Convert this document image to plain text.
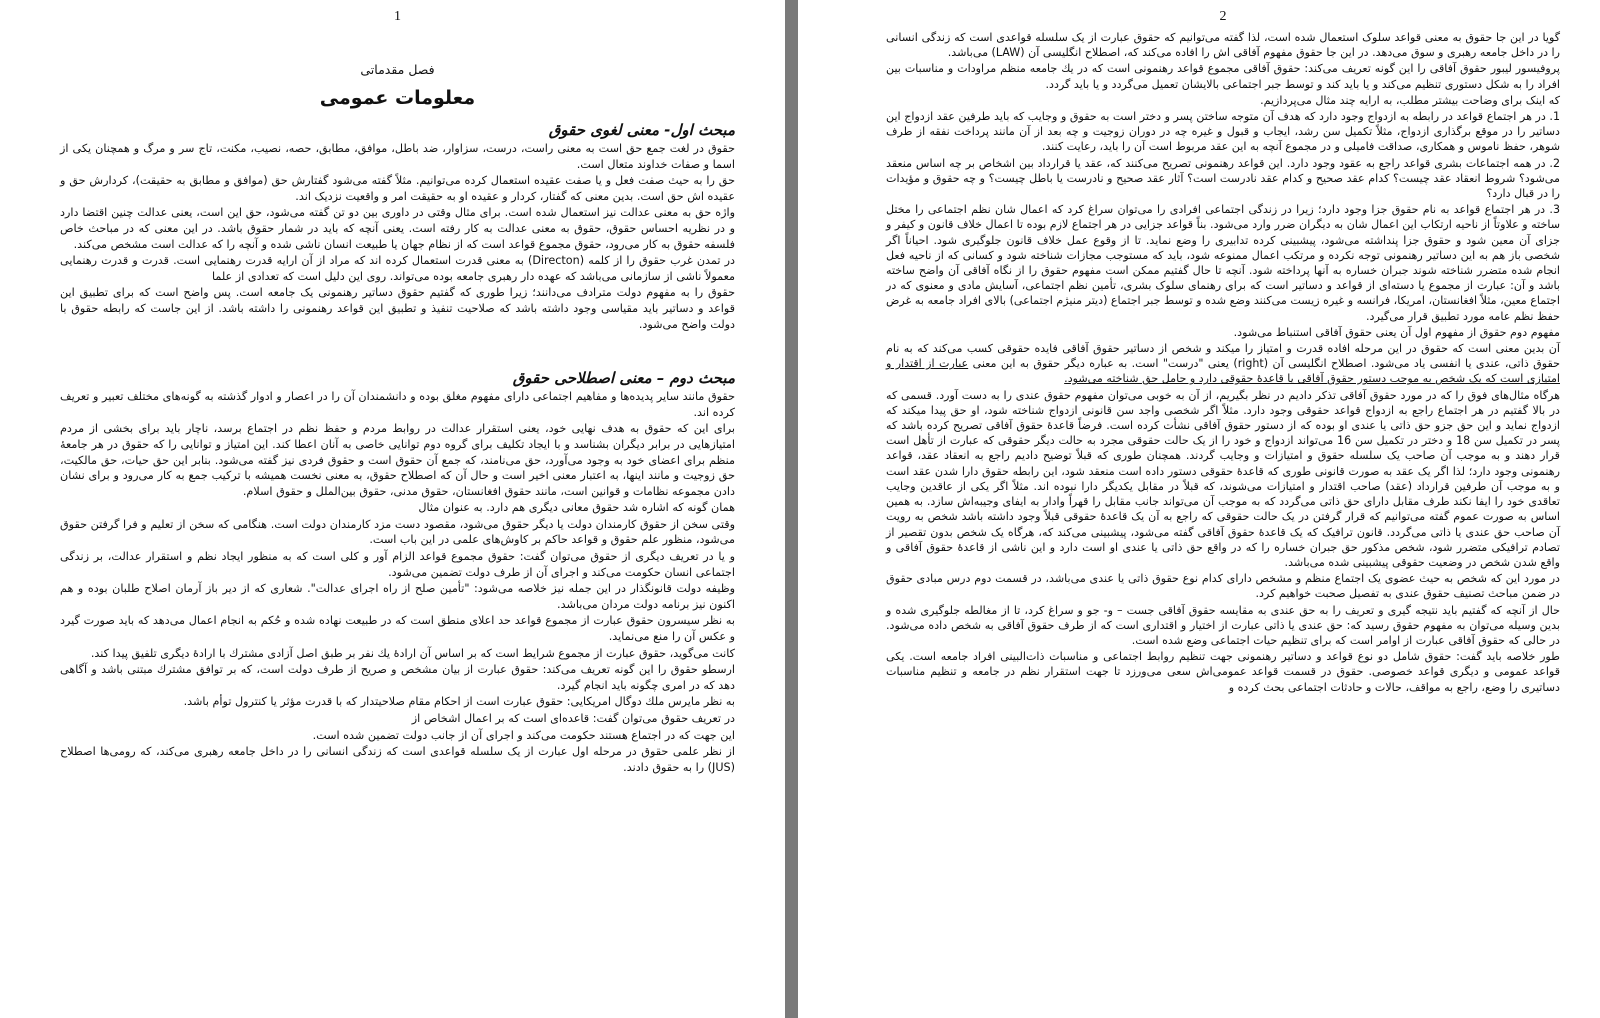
1
فصل مقدماتی
معلومات عمومی
مبحث اول- معنی لغوی حقوق

حقوق در لغت جمع حق است به معنی راست، درست، سزاوار، ضد باطل، موافق، مطابق، حصه، نصیب، مکنت، تاج سر و مرگ و همچنان یکی از اسما و صفات خداوند متعال است.

حق را به حیث صفت فعل و یا صفت عقیده استعمال کرده می‌توانیم. مثلاً گفته می‌شود گفتارش حق (موافق و مطابق به حقیقت)، کردارش حق و عقیده اش حق است. بدین معنی که گفتار، کردار و عقیده او به حقیقت امر و واقعیت نزدیک اند.

واژه حق به معنی عدالت نیز استعمال شده است. برای مثال وقتی در داوری بین دو تن گفته می‌شود، حق این است، یعنی عدالت چنین اقتضا دارد و در نظریه احساس حقوق، حقوق به معنی عدالت به کار رفته است. یعنی آنچه که باید در شمار حقوق باشد. در این معنی که در مباحث خاص فلسفه حقوق به کار می‌رود، حقوق مجموع قواعد است که از نظام جهان یا طبیعت انسان ناشی شده و آنچه را که عدالت است مشخص می‌کند.

در تمدن غرب حقوق را از کلمه (Directon) به معنی قدرت استعمال کرده اند که مراد از آن ارایه قدرت رهنمایی است. قدرت و قدرت رهنمایی معمولاً ناشی از سازمانی می‌باشد که عهده دار رهبری جامعه بوده می‌تواند. روی این دلیل است که تعدادی از علما

حقوق را به مفهوم دولت مترادف می‌دانند؛ زیرا طوری که گفتیم حقوق دساتیر رهنمونی یک جامعه است. پس واضح است که برای تطبیق این قواعد و دساتیر باید مقیاسی وجود داشته باشد که صلاحیت تنفیذ و تطبیق این قواعد رهنمونی را داشته باشد. از این جاست که رابطه حقوق با دولت واضح می‌شود.

مبحث دوم – معنی اصطلاحی حقوق

حقوق مانند سایر پدیده‌ها و مفاهیم اجتماعی دارای مفهوم مغلق بوده و دانشمندان آن را در اعصار و ادوار گذشته به گونه‌های مختلف تعبیر و تعریف کرده اند.

برای این که حقوق به هدف نهایی خود، یعنی استقرار عدالت در روابط مردم و حفظ نظم در اجتماع برسد، ناچار باید برای بخشی از مردم امتیازهایی در برابر دیگران بشناسد و با ایجاد تکلیف برای گروه دوم توانایی خاصی به آنان اعطا کند. این امتیاز و توانایی را که حقوق در هر جامعهٔ منظم برای اعضای خود به وجود می‌آورد، حق می‌نامند، که جمع آن حقوق است و حقوق فردی نیز گفته می‌شود. بنابر این حق حیات، حق مالکیت، حق زوجیت و مانند اینها، به اعتبار معنی اخیر است و حال آن که اصطلاح حقوق، به معنی نخست همیشه با ترکیب جمع به کار می‌رود و برای نشان دادن مجموعه نظامات و قوانین است، مانند حقوق افغانستان، حقوق مدنی، حقوق بین‌الملل و حقوق اسلام.

همان گونه که اشاره شد حقوق معانی دیگری هم دارد. به عنوان مثال

وقتی سخن از حقوق کارمندان دولت یا دیگر حقوق می‌شود، مقصود دست مزد کارمندان دولت است. هنگامی که سخن از تعلیم و فرا گرفتن حقوق می‌شود، منظور علم حقوق و قواعد حاکم بر کاوش‌های علمی در این باب است.

و یا در تعریف دیگری از حقوق می‌توان گفت: حقوق مجموع قواعد الزام آور و کلی است که به منظور ایجاد نظم و استقرار عدالت، بر زندگی اجتماعی انسان حکومت می‌کند و اجرای آن از طرف دولت تضمین می‌شود.

وظیفه دولت قانونگذار در این جمله نیز خلاصه می‌شود: "تأمین صلح از راه اجرای عدالت". شعاری که از دیر باز آرمان اصلاح طلبان بوده و هم اکنون نیز برنامه دولت مردان می‌باشد.

به نظر سیسرون حقوق عبارت از مجموع قواعد حد اعلای منطق است که در طبیعت نهاده شده و حُکم به انجام اعمال می‌دهد که باید صورت گیرد و عکس آن را منع می‌نماید.

کانت می‌گوید، حقوق عبارت از مجموع شرایط است که بر اساس آن ارادهٔ یك نفر بر طبق اصل آزادی مشترك با ارادهٔ دیگری تلفیق پیدا کند.

ارسطو حقوق را این گونه تعریف می‌کند: حقوق عبارت از بیان مشخص و صریح از طرف دولت است، که بر توافق مشترك مبتنی باشد و آگاهی دهد که در امری چگونه باید انجام گیرد.

به نظر مایرس ملك دوگال امریکایی: حقوق عبارت است از احکام مقام صلاحیتدار که با قدرت مؤثر یا کنترول توأم باشد.

در تعریف حقوق می‌توان گفت: قاعده‌ای است که بر اعمال اشخاص از

این جهت که در اجتماع هستند حکومت می‌کند و اجرای آن از جانب دولت تضمین شده است.

از نظر علمی حقوق در مرحله اول عبارت از یک سلسله قواعدی است که زندگی انسانی را در داخل جامعه رهبری می‌کند، که رومی‌ها اصطلاح (JUS) را به حقوق دادند.

2

گویا در این جا حقوق به معنی قواعد سلوک استعمال شده است، لذا گفته می‌توانیم که حقوق عبارت از یک سلسله قواعدی است که زندگی انسانی را در داخل جامعه رهبری و سوق می‌دهد. در این جا حقوق مفهوم آفاقی اش را افاده می‌کند که، اصطلاح انگلیسی آن (LAW) می‌باشد.

پروفیسور لیبور حقوق آفاقی را این گونه تعریف می‌کند: حقوق آفاقی مجموع قواعد رهنمونی است که در یك جامعه منظم مراودات و مناسبات بین افراد را به شکل دستوری تنظیم می‌کند و یا باید کند و توسط جبر اجتماعی بالایشان تعمیل می‌گردد و یا باید گردد.

که اینک برای وضاحت بیشتر مطلب، به ارایه چند مثال می‌پردازیم.

1. در هر اجتماع قواعد در رابطه به ازدواج وجود دارد که هدف آن متوجه ساختن پسر و دختر است به حقوق و وجایب که باید طرفین عقد ازدواج این دساتیر را در موقع برگذاری ازدواج، مثلاً تکمیل سن رشد، ایجاب و قبول و غیره چه در دوران زوجیت و چه بعد از آن مانند پرداخت نفقه از طرف شوهر، حفظ ناموس و همکاری، صداقت فامیلی و در مجموع آنچه به این عقد مربوط است آن را باید، رعایت کنند.

2. در همه اجتماعات بشری قواعد راجع به عقود وجود دارد. این قواعد رهنمونی تصریح می‌کنند که، عقد یا قرارداد بین اشخاص بر چه اساس منعقد می‌شود؟ شروط انعقاد عقد چیست؟ کدام عقد صحیح و کدام عقد نادرست است؟ آثار عقد صحیح و نادرست یا باطل چیست؟ و چه حقوق و مؤیدات را در قبال دارد؟

3. در هر اجتماع قواعد به نام حقوق جزا وجود دارد؛ زیرا در زندگی اجتماعی افرادی را می‌توان سراغ کرد که اعمال شان نظم اجتماعی را مختل ساخته و علاوتاً از ناحیه ارتکاب این اعمال شان به دیگران ضرر وارد می‌شود. بناً قواعد جزایی در هر اجتماع لازم بوده تا اعمال خلاف قانون و کیفر و جزای آن معین شود و حقوق جزا پنداشته می‌شود، پیشبینی کرده تدابیری را وضع نماید. تا از وقوع عمل خلاف قانون جلوگیری شود. احیاناً اگر شخصی باز هم به این دساتیر رهنمونی توجه نکرده و مرتکب اعمال ممنوعه شود، باید که مستوجب مجازات شناخته شود و کسانی که از ناحیه فعل انجام شده متضرر شناخته شوند جبران خساره به آنها پرداخته شود. آنچه تا حال گفتیم ممکن است مفهوم حقوق را از نگاه آفاقی آن واضح ساخته باشد و آن: عبارت از مجموع یا دسته‌ای از قواعد و دساتیر است که برای رهنمای سلوک بشری، تأمین نظم اجتماعی، آسایش مادی و معنوی که در اجتماع معین، مثلاً افغانستان، امریکا، فرانسه و غیره زیست می‌کنند وضع شده و توسط جبر اجتماع (دیتر منیژم اجتماعی) بالای افراد جامعه به غرض حفظ نظم عامه مورد تطبیق قرار می‌گیرد.

مفهوم دوم حقوق از مفهوم اول آن یعنی حقوق آفاقی استنباط می‌شود.

آن بدین معنی است که حقوق در این مرحله افاده قدرت و امتیاز را میکند و شخص از دساتیر حقوق آفاقی فایده حقوقی کسب می‌کند که به نام حقوق ذاتی، عندی یا انفسی یاد می‌شود. اصطلاح انگلیسی آن (right) یعنی "درست" است. به عباره دیگر حقوق به این معنی عبارت از اقتدار و امتیازی است که یک شخص به موجب دستور حقوق آفاقی یا قاعدهٔ حقوقی دارد و حامل حق شناخته می‌شود.

هرگاه مثال‌های فوق را که در مورد حقوق آفاقی تذکر دادیم در نظر بگیریم، از آن به خوبی می‌توان مفهوم حقوق عندی را به دست آورد. قسمی که در بالا گفتیم در هر اجتماع راجع به ازدواج قواعد حقوقی وجود دارد. مثلاً اگر شخصی واجد سن قانونی ازدواج شناخته شود، او حق پیدا میکند که ازدواج نماید و این حق جزو حق ذاتی یا عندی او بوده که از دستور حقوق آفاقی نشأت کرده است. فرضاً قاعدهٔ حقوق آفاقی تصریح کرده باشد که پسر در تکمیل سن 18 و دختر در تکمیل سن 16 می‌تواند ازدواج و خود را از یک حالت حقوقی مجرد به حالت دیگر حقوقی که عبارت از تأهل است قرار دهند و به موجب آن صاحب یک سلسله حقوق و امتیازات و وجایب گردند. همچنان طوری که قبلاً توضیح دادیم راجع به انعقاد عقد، قواعد رهنمونی وجود دارد؛ لذا اگر یک عقد به صورت قانونی طوری که قاعدهٔ حقوقی دستور داده است منعقد شود، این رابطه حقوق دارا شدن عقد است و به موجب آن طرفین قرارداد (عقد) صاحب اقتدار و امتیازات می‌شوند، که قبلاً در مقابل یکدیگر دارا نبوده اند. مثلاً اگر یکی از عاقدین وجایب تعاقدی خود را ایفا نکند طرف مقابل دارای حق ذاتی می‌گردد که به موجب آن می‌تواند جانب مقابل را قهراً وادار به ایفای وجیبه‌اش سازد. به همین اساس به صورت عموم گفته می‌توانیم که قرار گرفتن در یک حالت حقوقی که راجع به آن یک قاعدهٔ حقوقی قبلاً وجود داشته باشد شخص به رویت آن صاحب حق عندی یا ذاتی می‌گردد. قانون ترافیک که یک قاعدهٔ حقوق آفاقی گفته می‌شود، پیشبینی می‌کند که، هرگاه یک شخص بدون تقصیر از تصادم ترافیکی متضرر شود، شخص مذکور حق جبران خساره را که در واقع حق ذاتی یا عندی او است دارد و این ناشی از قاعدهٔ حقوق آفاقی و واقع شدن شخص در وضعیت حقوقی پیشبینی شده می‌باشد.

در مورد این که شخص به حیث عضوی یک اجتماع منظم و مشخص دارای کدام نوع حقوق ذاتی یا عندی می‌باشد، در قسمت دوم درس مبادی حقوق در ضمن مباحث تصنیف حقوق عندی به تفصیل صحبت خواهیم کرد.

حال از آنچه که گفتیم باید نتیجه گیری و تعریف را به حق عندی به مقایسه حقوق آفاقی جست – و- جو و سراغ کرد، تا از مغالطه جلوگیری شده و بدین وسیله می‌توان به مفهوم حقوق رسید که: حق عندی یا ذاتی عبارت از اختیار و اقتداری است که از طرف حقوق آفاقی به شخص داده می‌شود. در حالی که حقوق آفاقی عبارت از اوامر است که برای تنظیم حیات اجتماعی وضع شده است.

طور خلاصه باید گفت: حقوق شامل دو نوع قواعد و دساتیر رهنمونی جهت تنظیم روابط اجتماعی و مناسبات ذات‌البینی افراد جامعه است. یکی قواعد عمومی و دیگری قواعد خصوصی. حقوق در قسمت قواعد عمومی‌اش سعی می‌ورزد تا جهت استقرار نظم در جامعه و تنظیم مناسبات دساتیری را وضع، راجع به مواقف، حالات و حادثات اجتماعی بحث کرده و
